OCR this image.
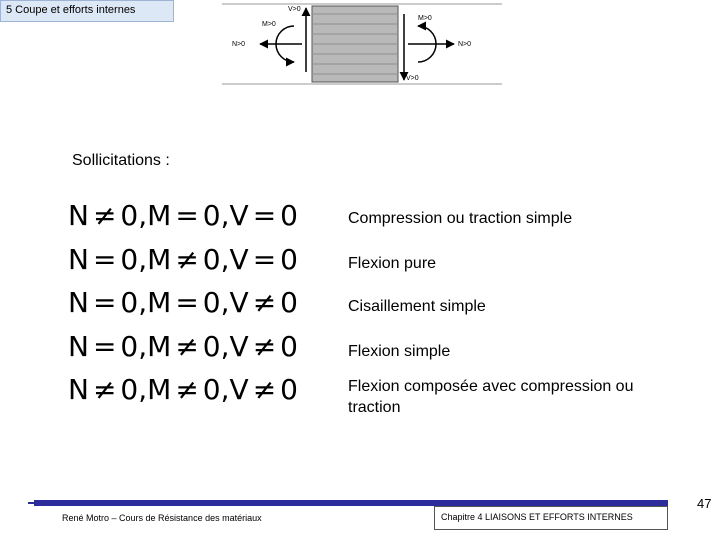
5 Coupe et efforts internes	V>0
N>0
M>0
V>0
N>0
M>0
Sollicitations :
N ≠ 0,M = 0,V = 0	Compression ou traction simple
N = 0,M ≠ 0,V = 0	Flexion pure
N = 0,M = 0,V ≠ 0	Cisaillement simple
N = 0,M ≠ 0,V ≠ 0	Flexion simple
N ≠ 0,M ≠ 0,V ≠ 0	Flexion composée avec compression ou traction
René Motro – Cours de Résistance des matériaux	Chapitre 4 LIAISONS ET EFFORTS INTERNES
47
